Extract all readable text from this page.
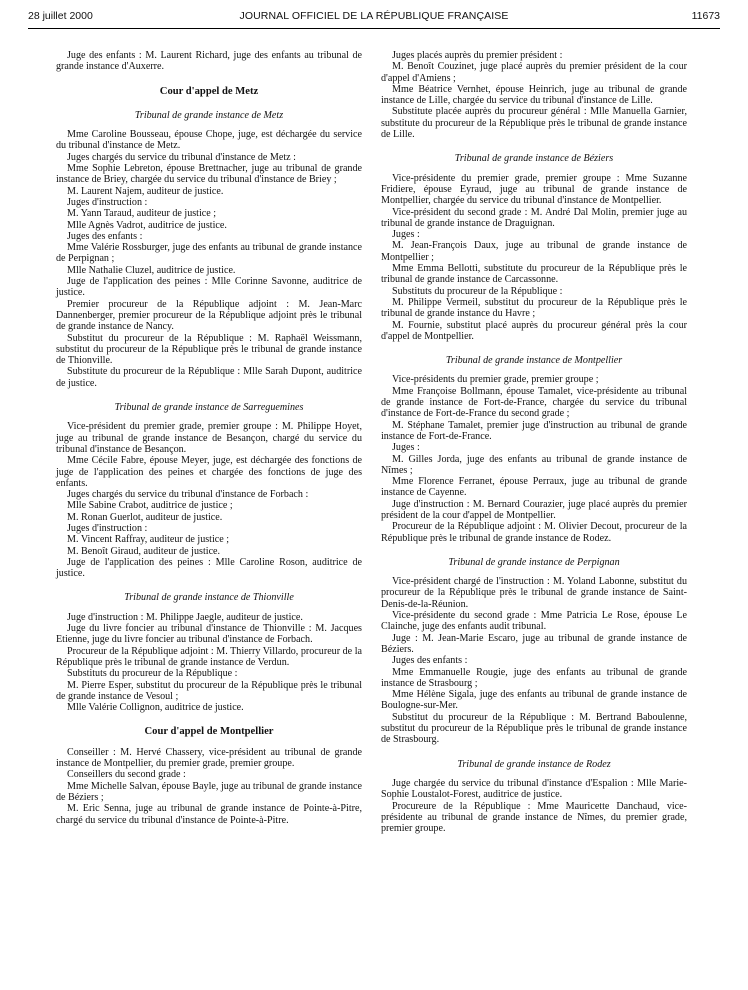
28 juillet 2000	JOURNAL OFFICIEL DE LA RÉPUBLIQUE FRANÇAISE	11673

Juge des enfants : M. Laurent Richard, juge des enfants au tribunal de grande instance d'Auxerre.

Cour d'appel de Metz
Tribunal de grande instance de Metz

Mme Caroline Bousseau, épouse Chope, juge, est déchargée du service du tribunal d'instance de Metz.

Juges chargés du service du tribunal d'instance de Metz :

Mme Sophie Lebreton, épouse Brettnacher, juge au tribunal de grande instance de Briey, chargée du service du tribunal d'instance de Briey ;

M. Laurent Najem, auditeur de justice.

Juges d'instruction :

M. Yann Taraud, auditeur de justice ;

Mlle Agnès Vadrot, auditrice de justice.

Juges des enfants :

Mme Valérie Rossburger, juge des enfants au tribunal de grande instance de Perpignan ;

Mlle Nathalie Cluzel, auditrice de justice.

Juge de l'application des peines : Mlle Corinne Savonne, auditrice de justice.

Premier procureur de la République adjoint : M. Jean-Marc Dannenberger, premier procureur de la République adjoint près le tribunal de grande instance de Nancy.

Substitut du procureur de la République : M. Raphaël Weissmann, substitut du procureur de la République près le tribunal de grande instance de Thionville.

Substitute du procureur de la République : Mlle Sarah Dupont, auditrice de justice.

Tribunal de grande instance de Sarreguemines

Vice-président du premier grade, premier groupe : M. Philippe Hoyet, juge au tribunal de grande instance de Besançon, chargé du service du tribunal d'instance de Besançon.

Mme Cécile Fabre, épouse Meyer, juge, est déchargée des fonctions de juge de l'application des peines et chargée des fonctions de juge des enfants.

Juges chargés du service du tribunal d'instance de Forbach :

Mlle Sabine Crabot, auditrice de justice ;

M. Ronan Guerlot, auditeur de justice.

Juges d'instruction :

M. Vincent Raffray, auditeur de justice ;

M. Benoît Giraud, auditeur de justice.

Juge de l'application des peines : Mlle Caroline Roson, auditrice de justice.

Tribunal de grande instance de Thionville

Juge d'instruction : M. Philippe Jaegle, auditeur de justice.

Juge du livre foncier au tribunal d'instance de Thionville : M. Jacques Etienne, juge du livre foncier au tribunal d'instance de Forbach.

Procureur de la République adjoint : M. Thierry Villardo, procureur de la République près le tribunal de grande instance de Verdun.

Substituts du procureur de la République :

M. Pierre Esper, substitut du procureur de la République près le tribunal de grande instance de Vesoul ;

Mlle Valérie Collignon, auditrice de justice.

Cour d'appel de Montpellier

Conseiller : M. Hervé Chassery, vice-président au tribunal de grande instance de Montpellier, du premier grade, premier groupe.

Conseillers du second grade :

Mme Michelle Salvan, épouse Bayle, juge au tribunal de grande instance de Béziers ;

M. Eric Senna, juge au tribunal de grande instance de Pointe-à-Pitre, chargé du service du tribunal d'instance de Pointe-à-Pitre.

Juges placés auprès du premier président :

M. Benoît Couzinet, juge placé auprès du premier président de la cour d'appel d'Amiens ;

Mme Béatrice Vernhet, épouse Heinrich, juge au tribunal de grande instance de Lille, chargée du service du tribunal d'instance de Lille.

Substitute placée auprès du procureur général : Mlle Manuella Garnier, substitute du procureur de la République près le tribunal de grande instance de Lille.

Tribunal de grande instance de Béziers

Vice-présidente du premier grade, premier groupe : Mme Suzanne Fridiere, épouse Eyraud, juge au tribunal de grande instance de Montpellier, chargée du service du tribunal d'instance de Montpellier.

Vice-président du second grade : M. André Dal Molin, premier juge au tribunal de grande instance de Draguignan.

Juges :

M. Jean-François Daux, juge au tribunal de grande instance de Montpellier ;

Mme Emma Bellotti, substitute du procureur de la République près le tribunal de grande instance de Carcassonne.

Substituts du procureur de la République :

M. Philippe Vermeil, substitut du procureur de la République près le tribunal de grande instance du Havre ;

M. Fournie, substitut placé auprès du procureur général près la cour d'appel de Montpellier.

Tribunal de grande instance de Montpellier

Vice-présidents du premier grade, premier groupe ;

Mme Françoise Bollmann, épouse Tamalet, vice-présidente au tribunal de grande instance de Fort-de-France, chargée du service du tribunal d'instance de Fort-de-France du second grade ;

M. Stéphane Tamalet, premier juge d'instruction au tribunal de grande instance de Fort-de-France.

Juges :

M. Gilles Jorda, juge des enfants au tribunal de grande instance de Nîmes ;

Mme Florence Ferranet, épouse Perraux, juge au tribunal de grande instance de Cayenne.

Juge d'instruction : M. Bernard Courazier, juge placé auprès du premier président de la cour d'appel de Montpellier.

Procureur de la République adjoint : M. Olivier Decout, procureur de la République près le tribunal de grande instance de Rodez.

Tribunal de grande instance de Perpignan

Vice-président chargé de l'instruction : M. Yoland Labonne, substitut du procureur de la République près le tribunal de grande instance de Saint-Denis-de-la-Réunion.

Vice-présidente du second grade : Mme Patricia Le Rose, épouse Le Clainche, juge des enfants audit tribunal.

Juge : M. Jean-Marie Escaro, juge au tribunal de grande instance de Béziers.

Juges des enfants :

Mme Emmanuelle Rougie, juge des enfants au tribunal de grande instance de Strasbourg ;

Mme Hélène Sigala, juge des enfants au tribunal de grande instance de Boulogne-sur-Mer.

Substitut du procureur de la République : M. Bertrand Baboulenne, substitut du procureur de la République près le tribunal de grande instance de Strasbourg.

Tribunal de grande instance de Rodez

Juge chargée du service du tribunal d'instance d'Espalion : Mlle Marie-Sophie Loustalot-Forest, auditrice de justice.

Procureure de la République : Mme Mauricette Danchaud, vice-présidente au tribunal de grande instance de Nîmes, du premier grade, premier groupe.
